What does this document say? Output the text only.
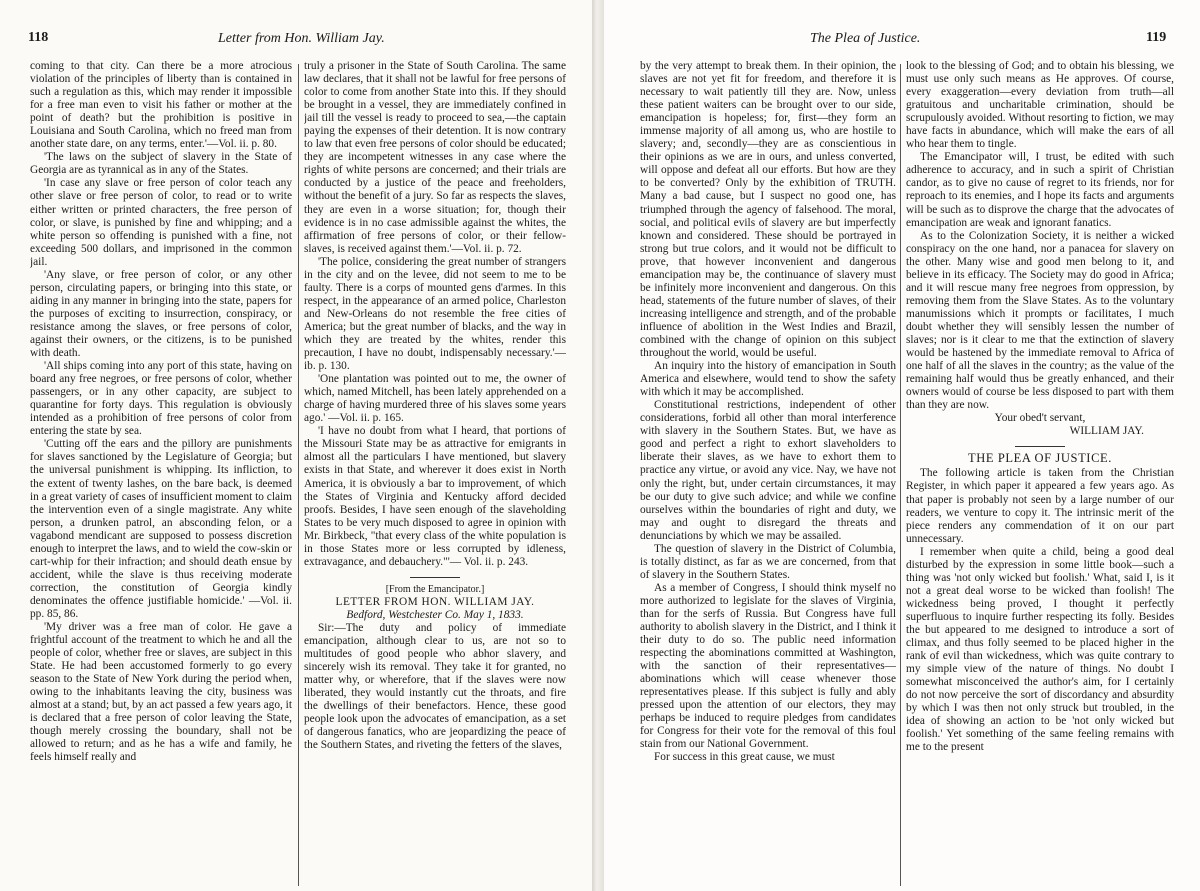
118	Letter from Hon. William Jay.

coming to that city. Can there be a more atrocious violation of the principles of liberty than is contained in such a regulation as this, which may render it impossible for a free man even to visit his father or mother at the point of death? but the prohibition is positive in Louisiana and South Carolina, which no freed man from another state dare, on any terms, enter.'—Vol. ii. p. 80.

'The laws on the subject of slavery in the State of Georgia are as tyrannical as in any of the States.

'In case any slave or free person of color teach any other slave or free person of color, to read or to write either written or printed characters, the free person of color, or slave, is punished by fine and whipping; and a white person so offending is punished with a fine, not exceeding 500 dollars, and imprisoned in the common jail.

'Any slave, or free person of color, or any other person, circulating papers, or bringing into this state, or aiding in any manner in bringing into the state, papers for the purposes of exciting to insurrection, conspiracy, or resistance among the slaves, or free persons of color, against their owners, or the citizens, is to be punished with death.

'All ships coming into any port of this state, having on board any free negroes, or free persons of color, whether passengers, or in any other capacity, are subject to quarantine for forty days. This regulation is obviously intended as a prohibition of free persons of color from entering the state by sea.

'Cutting off the ears and the pillory are punishments for slaves sanctioned by the Legislature of Georgia; but the universal punishment is whipping. Its infliction, to the extent of twenty lashes, on the bare back, is deemed in a great variety of cases of insufficient moment to claim the intervention even of a single magistrate. Any white person, a drunken patrol, an absconding felon, or a vagabond mendicant are supposed to possess discretion enough to interpret the laws, and to wield the cow-skin or cart-whip for their infraction; and should death ensue by accident, while the slave is thus receiving moderate correction, the constitution of Georgia kindly denominates the offence justifiable homicide.' —Vol. ii. pp. 85, 86.

'My driver was a free man of color. He gave a frightful account of the treatment to which he and all the people of color, whether free or slaves, are subject in this State. He had been accustomed formerly to go every season to the State of New York during the period when, owing to the inhabitants leaving the city, business was almost at a stand; but, by an act passed a few years ago, it is declared that a free person of color leaving the State, though merely crossing the boundary, shall not be allowed to return; and as he has a wife and family, he feels himself really and

truly a prisoner in the State of South Carolina. The same law declares, that it shall not be lawful for free persons of color to come from another State into this. If they should be brought in a vessel, they are immediately confined in jail till the vessel is ready to proceed to sea,—the captain paying the expenses of their detention. It is now contrary to law that even free persons of color should be educated; they are incompetent witnesses in any case where the rights of white persons are concerned; and their trials are conducted by a justice of the peace and freeholders, without the benefit of a jury. So far as respects the slaves, they are even in a worse situation; for, though their evidence is in no case admissible against the whites, the affirmation of free persons of color, or their fellow-slaves, is received against them.'—Vol. ii. p. 72.

'The police, considering the great number of strangers in the city and on the levee, did not seem to me to be faulty. There is a corps of mounted gens d'armes. In this respect, in the appearance of an armed police, Charleston and New-Orleans do not resemble the free cities of America; but the great number of blacks, and the way in which they are treated by the whites, render this precaution, I have no doubt, indispensably necessary.'—ib. p. 130.

'One plantation was pointed out to me, the owner of which, named Mitchell, has been lately apprehended on a charge of having murdered three of his slaves some years ago.' —Vol. ii. p. 165.

'I have no doubt from what I heard, that portions of the Missouri State may be as attractive for emigrants in almost all the particulars I have mentioned, but slavery exists in that State, and wherever it does exist in North America, it is obviously a bar to improvement, of which the States of Virginia and Kentucky afford decided proofs. Besides, I have seen enough of the slaveholding States to be very much disposed to agree in opinion with Mr. Birkbeck, "that every class of the white population is in those States more or less corrupted by idleness, extravagance, and debauchery."'— Vol. ii. p. 243.

[From the Emancipator.]

LETTER FROM HON. WILLIAM JAY.

Bedford, Westchester Co. May 1, 1833.

Sir:—The duty and policy of immediate emancipation, although clear to us, are not so to multitudes of good people who abhor slavery, and sincerely wish its removal. They take it for granted, no matter why, or wherefore, that if the slaves were now liberated, they would instantly cut the throats, and fire the dwellings of their benefactors. Hence, these good people look upon the advocates of emancipation, as a set of dangerous fanatics, who are jeopardizing the peace of the Southern States, and riveting the fetters of the slaves,

The Plea of Justice.	119

by the very attempt to break them. In their opinion, the slaves are not yet fit for freedom, and therefore it is necessary to wait patiently till they are. Now, unless these patient waiters can be brought over to our side, emancipation is hopeless; for, first—they form an immense majority of all among us, who are hostile to slavery; and, secondly—they are as conscientious in their opinions as we are in ours, and unless converted, will oppose and defeat all our efforts. But how are they to be converted? Only by the exhibition of TRUTH. Many a bad cause, but I suspect no good one, has triumphed through the agency of falsehood. The moral, social, and political evils of slavery are but imperfectly known and considered. These should be portrayed in strong but true colors, and it would not be difficult to prove, that however inconvenient and dangerous emancipation may be, the continuance of slavery must be infinitely more inconvenient and dangerous. On this head, statements of the future number of slaves, of their increasing intelligence and strength, and of the probable influence of abolition in the West Indies and Brazil, combined with the change of opinion on this subject throughout the world, would be useful.

An inquiry into the history of emancipation in South America and elsewhere, would tend to show the safety with which it may be accomplished.

Constitutional restrictions, independent of other considerations, forbid all other than moral interference with slavery in the Southern States. But, we have as good and perfect a right to exhort slaveholders to liberate their slaves, as we have to exhort them to practice any virtue, or avoid any vice. Nay, we have not only the right, but, under certain circumstances, it may be our duty to give such advice; and while we confine ourselves within the boundaries of right and duty, we may and ought to disregard the threats and denunciations by which we may be assailed.

The question of slavery in the District of Columbia, is totally distinct, as far as we are concerned, from that of slavery in the Southern States.

As a member of Congress, I should think myself no more authorized to legislate for the slaves of Virginia, than for the serfs of Russia. But Congress have full authority to abolish slavery in the District, and I think it their duty to do so. The public need information respecting the abominations committed at Washington, with the sanction of their representatives—abominations which will cease whenever those representatives please. If this subject is fully and ably pressed upon the attention of our electors, they may perhaps be induced to require pledges from candidates for Congress for their vote for the removal of this foul stain from our National Government.

For success in this great cause, we must

look to the blessing of God; and to obtain his blessing, we must use only such means as He approves. Of course, every exaggeration—every deviation from truth—all gratuitous and uncharitable crimination, should be scrupulously avoided. Without resorting to fiction, we may have facts in abundance, which will make the ears of all who hear them to tingle.

The Emancipator will, I trust, be edited with such adherence to accuracy, and in such a spirit of Christian candor, as to give no cause of regret to its friends, nor for reproach to its enemies, and I hope its facts and arguments will be such as to disprove the charge that the advocates of emancipation are weak and ignorant fanatics.

As to the Colonization Society, it is neither a wicked conspiracy on the one hand, nor a panacea for slavery on the other. Many wise and good men belong to it, and believe in its efficacy. The Society may do good in Africa; and it will rescue many free negroes from oppression, by removing them from the Slave States. As to the voluntary manumissions which it prompts or facilitates, I much doubt whether they will sensibly lessen the number of slaves; nor is it clear to me that the extinction of slavery would be hastened by the immediate removal to Africa of one half of all the slaves in the country; as the value of the remaining half would thus be greatly enhanced, and their owners would of course be less disposed to part with them than they are now.

Your obed't servant,

WILLIAM JAY.

THE PLEA OF JUSTICE.

The following article is taken from the Christian Register, in which paper it appeared a few years ago. As that paper is probably not seen by a large number of our readers, we venture to copy it. The intrinsic merit of the piece renders any commendation of it on our part unnecessary.

I remember when quite a child, being a good deal disturbed by the expression in some little book—such a thing was 'not only wicked but foolish.' What, said I, is it not a great deal worse to be wicked than foolish! The wickedness being proved, I thought it perfectly superfluous to inquire further respecting its folly. Besides the but appeared to me designed to introduce a sort of climax, and thus folly seemed to be placed higher in the rank of evil than wickedness, which was quite contrary to my simple view of the nature of things. No doubt I somewhat misconceived the author's aim, for I certainly do not now perceive the sort of discordancy and absurdity by which I was then not only struck but troubled, in the idea of showing an action to be 'not only wicked but foolish.' Yet something of the same feeling remains with me to the present
